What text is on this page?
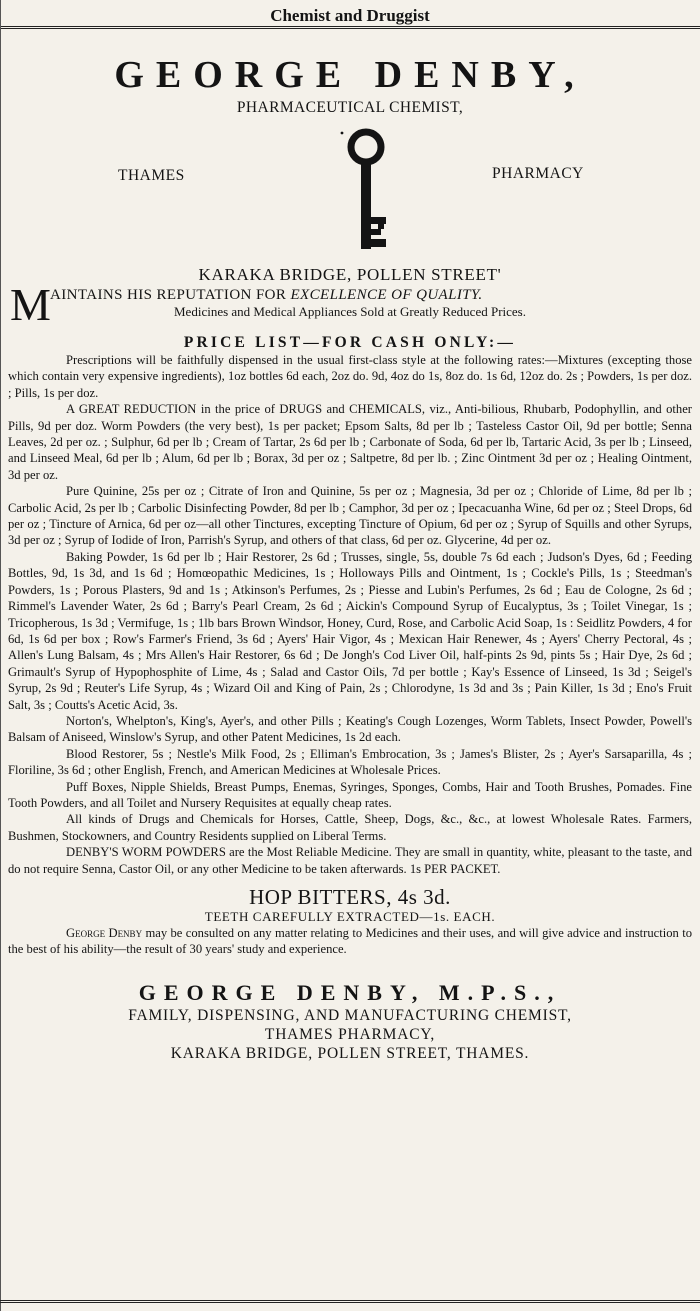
Chemist and Druggist
GEORGE DENBY,
PHARMACEUTICAL CHEMIST,
THAMES	PHARMACY
KARAKA BRIDGE, POLLEN STREET'
M AINTAINS HIS REPUTATION FOR EXCELLENCE OF QUALITY.
Medicines and Medical Appliances Sold at Greatly Reduced Prices.
PRICE LIST—FOR CASH ONLY:—

Prescriptions will be faithfully dispensed in the usual first-class style at the following rates:—Mixtures (excepting those which contain very expensive ingredients), 1oz bottles 6d each, 2oz do. 9d, 4oz do 1s, 8oz do. 1s 6d, 12oz do. 2s ; Powders, 1s per doz. ; Pills, 1s per doz.

A GREAT REDUCTION in the price of DRUGS and CHEMICALS, viz., Anti-bilious, Rhubarb, Podophyllin, and other Pills, 9d per doz. Worm Powders (the very best), 1s per packet; Epsom Salts, 8d per lb ; Tasteless Castor Oil, 9d per bottle; Senna Leaves, 2d per oz. ; Sulphur, 6d per lb ; Cream of Tartar, 2s 6d per lb ; Carbonate of Soda, 6d per lb, Tartaric Acid, 3s per lb ; Linseed, and Linseed Meal, 6d per lb ; Alum, 6d per lb ; Borax, 3d per oz ; Saltpetre, 8d per lb. ; Zinc Ointment 3d per oz ; Healing Ointment, 3d per oz.

Pure Quinine, 25s per oz ; Citrate of Iron and Quinine, 5s per oz ; Magnesia, 3d per oz ; Chloride of Lime, 8d per lb ; Carbolic Acid, 2s per lb ; Carbolic Disinfecting Powder, 8d per lb ; Camphor, 3d per oz ; Ipecacuanha Wine, 6d per oz ; Steel Drops, 6d per oz ; Tincture of Arnica, 6d per oz—all other Tinctures, excepting Tincture of Opium, 6d per oz ; Syrup of Squills and other Syrups, 3d per oz ; Syrup of Iodide of Iron, Parrish's Syrup, and others of that class, 6d per oz. Glycerine, 4d per oz.

Baking Powder, 1s 6d per lb ; Hair Restorer, 2s 6d ; Trusses, single, 5s, double 7s 6d each ; Judson's Dyes, 6d ; Feeding Bottles, 9d, 1s 3d, and 1s 6d ; Homœopathic Medicines, 1s ; Holloways Pills and Ointment, 1s ; Cockle's Pills, 1s ; Steedman's Powders, 1s ; Porous Plasters, 9d and 1s ; Atkinson's Perfumes, 2s ; Piesse and Lubin's Perfumes, 2s 6d ; Eau de Cologne, 2s 6d ; Rimmel's Lavender Water, 2s 6d ; Barry's Pearl Cream, 2s 6d ; Aickin's Compound Syrup of Eucalyptus, 3s ; Toilet Vinegar, 1s ; Tricopherous, 1s 3d ; Vermifuge, 1s ; 1lb bars Brown Windsor, Honey, Curd, Rose, and Carbolic Acid Soap, 1s : Seidlitz Powders, 4 for 6d, 1s 6d per box ; Row's Farmer's Friend, 3s 6d ; Ayers' Hair Vigor, 4s ; Mexican Hair Renewer, 4s ; Ayers' Cherry Pectoral, 4s ; Allen's Lung Balsam, 4s ; Mrs Allen's Hair Restorer, 6s 6d ; De Jongh's Cod Liver Oil, half-pints 2s 9d, pints 5s ; Hair Dye, 2s 6d ; Grimault's Syrup of Hypophosphite of Lime, 4s ; Salad and Castor Oils, 7d per bottle ; Kay's Essence of Linseed, 1s 3d ; Seigel's Syrup, 2s 9d ; Reuter's Life Syrup, 4s ; Wizard Oil and King of Pain, 2s ; Chlorodyne, 1s 3d and 3s ; Pain Killer, 1s 3d ; Eno's Fruit Salt, 3s ; Coutts's Acetic Acid, 3s.

Norton's, Whelpton's, King's, Ayer's, and other Pills ; Keating's Cough Lozenges, Worm Tablets, Insect Powder, Powell's Balsam of Aniseed, Winslow's Syrup, and other Patent Medicines, 1s 2d each.

Blood Restorer, 5s ; Nestle's Milk Food, 2s ; Elliman's Embrocation, 3s ; James's Blister, 2s ; Ayer's Sarsaparilla, 4s ; Floriline, 3s 6d ; other English, French, and American Medicines at Wholesale Prices.

Puff Boxes, Nipple Shields, Breast Pumps, Enemas, Syringes, Sponges, Combs, Hair and Tooth Brushes, Pomades. Fine Tooth Powders, and all Toilet and Nursery Requisites at equally cheap rates.

All kinds of Drugs and Chemicals for Horses, Cattle, Sheep, Dogs, &c., &c., at lowest Wholesale Rates. Farmers, Bushmen, Stockowners, and Country Residents supplied on Liberal Terms.

DENBY'S WORM POWDERS are the Most Reliable Medicine. They are small in quantity, white, pleasant to the taste, and do not require Senna, Castor Oil, or any other Medicine to be taken afterwards. 1s PER PACKET.

HOP BITTERS, 4s 3d.
TEETH CAREFULLY EXTRACTED—1s. EACH.

George Denby may be consulted on any matter relating to Medicines and their uses, and will give advice and instruction to the best of his ability—the result of 30 years' study and experience.

GEORGE DENBY, M.P.S.,
FAMILY, DISPENSING, AND MANUFACTURING CHEMIST,
THAMES PHARMACY,
KARAKA BRIDGE, POLLEN STREET, THAMES.
